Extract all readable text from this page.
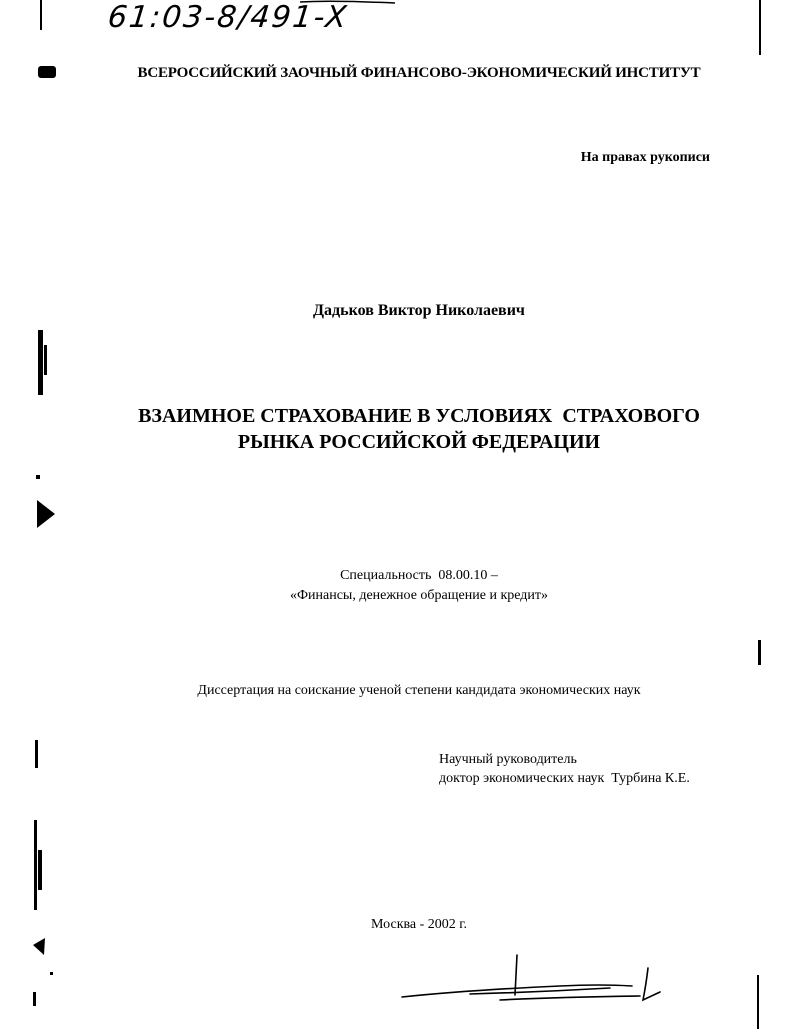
61:03-8/491-X
ВСЕРОССИЙСКИЙ ЗАОЧНЫЙ ФИНАНСОВО-ЭКОНОМИЧЕСКИЙ ИНСТИТУТ
На правах рукописи
Дадьков Виктор Николаевич
ВЗАИМНОЕ СТРАХОВАНИЕ В УСЛОВИЯХ  СТРАХОВОГО
РЫНКА РОССИЙСКОЙ ФЕДЕРАЦИИ
Специальность  08.00.10 –
«Финансы, денежное обращение и кредит»
Диссертация на соискание ученой степени кандидата экономических наук
Научный руководитель
доктор экономических наук  Турбина К.Е.
Москва - 2002 г.
